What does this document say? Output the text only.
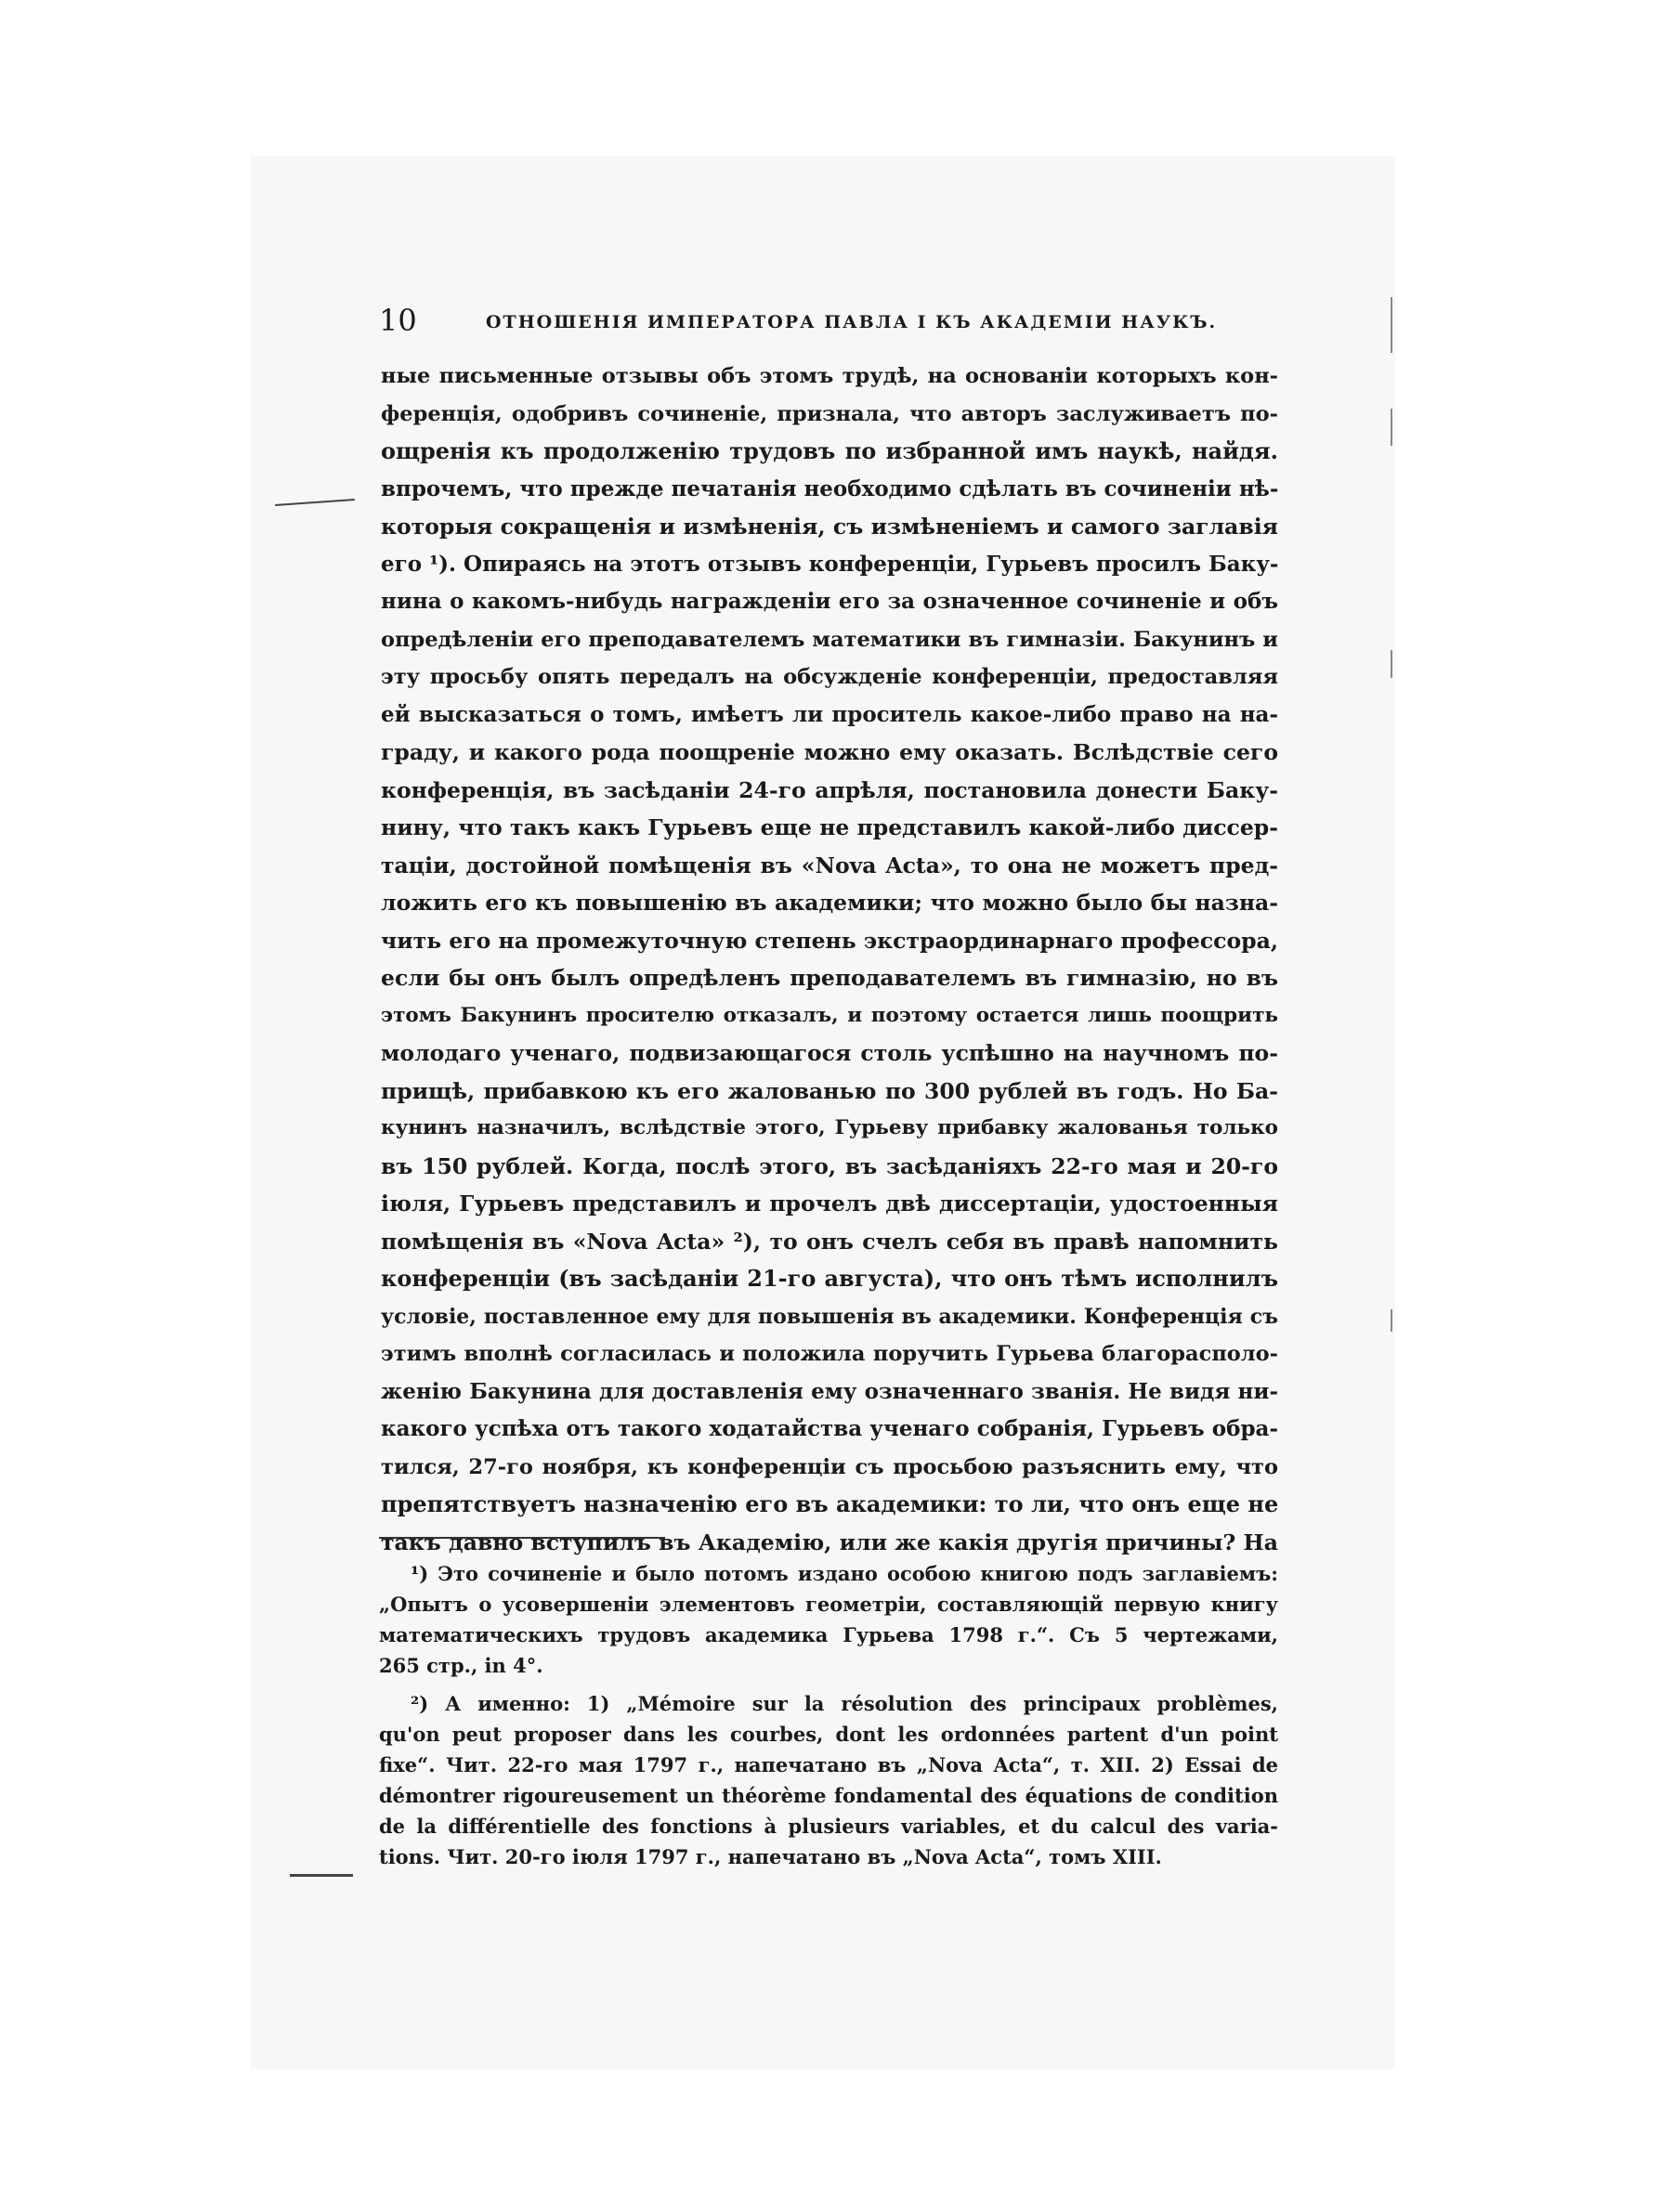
10	ОТНОШЕНІЯ ИМПЕРАТОРА ПАВЛА I КЪ АКАДЕМІИ НАУКЪ.
ные письменные отзывы объ этомъ трудѣ, на основаніи которыхъ кон-
ференція, одобривъ сочиненіе, признала, что авторъ заслуживаетъ по-
ощренія къ продолженію трудовъ по избранной имъ наукѣ, найдя.
впрочемъ, что прежде печатанія необходимо сдѣлать въ сочиненіи нѣ-
которыя сокращенія и измѣненія, съ измѣненіемъ и самого заглавія
его ¹). Опираясь на этотъ отзывъ конференціи, Гурьевъ просилъ Баку-
нина о какомъ-нибудь награжденіи его за означенное сочиненіе и объ
опредѣленіи его преподавателемъ математики въ гимназіи. Бакунинъ и
эту просьбу опять передалъ на обсужденіе конференціи, предоставляя
ей высказаться о томъ, имѣетъ ли проситель какое-либо право на на-
граду, и какого рода поощреніе можно ему оказать. Вслѣдствіе сего
конференція, въ засѣданіи 24-го апрѣля, постановила донести Баку-
нину, что такъ какъ Гурьевъ еще не представилъ какой-либо диссер-
таціи, достойной помѣщенія въ «Nova Acta», то она не можетъ пред-
ложить его къ повышенію въ академики; что можно было бы назна-
чить его на промежуточную степень экстраординарнаго профессора,
если бы онъ былъ опредѣленъ преподавателемъ въ гимназію, но въ
этомъ Бакунинъ просителю отказалъ, и поэтому остается лишь поощрить
молодаго ученаго, подвизающагося столь успѣшно на научномъ по-
прищѣ, прибавкою къ его жалованью по 300 рублей въ годъ. Но Ба-
кунинъ назначилъ, вслѣдствіе этого, Гурьеву прибавку жалованья только
въ 150 рублей. Когда, послѣ этого, въ засѣданіяхъ 22-го мая и 20-го
іюля, Гурьевъ представилъ и прочелъ двѣ диссертаціи, удостоенныя
помѣщенія въ «Nova Acta» ²), то онъ счелъ себя въ правѣ напомнить
конференціи (въ засѣданіи 21-го августа), что онъ тѣмъ исполнилъ
условіе, поставленное ему для повышенія въ академики. Конференція съ
этимъ вполнѣ согласилась и положила поручить Гурьева благорасполо-
женію Бакунина для доставленія ему означеннаго званія. Не видя ни-
какого успѣха отъ такого ходатайства ученаго собранія, Гурьевъ обра-
тился, 27-го ноября, къ конференціи съ просьбою разъяснить ему, что
препятствуетъ назначенію его въ академики: то ли, что онъ еще не
такъ давно вступилъ въ Академію, или же какія другія причины? На
¹) Это сочиненіе и было потомъ издано особою книгою подъ заглавіемъ:
„Опытъ о усовершенiи элементовъ геометріи, составляющій первую книгу
математическихъ трудовъ академика Гурьева 1798 г.“. Съ 5 чертежами,
265 стр., in 4°.
²) А именно: 1) „Mémoire sur la résolution des principaux problèmes,
qu'on peut proposer dans les courbes, dont les ordonnées partent d'un point
fixe“. Чит. 22-го мая 1797 г., напечатано въ „Nova Acta“, т. XII. 2) Essai de
démontrer rigoureusement un théorème fondamental des équations de condition
de la différentielle des fonctions à plusieurs variables, et du calcul des varia-
tions. Чит. 20-го іюля 1797 г., напечатано въ „Nova Acta“, томъ XIII.
